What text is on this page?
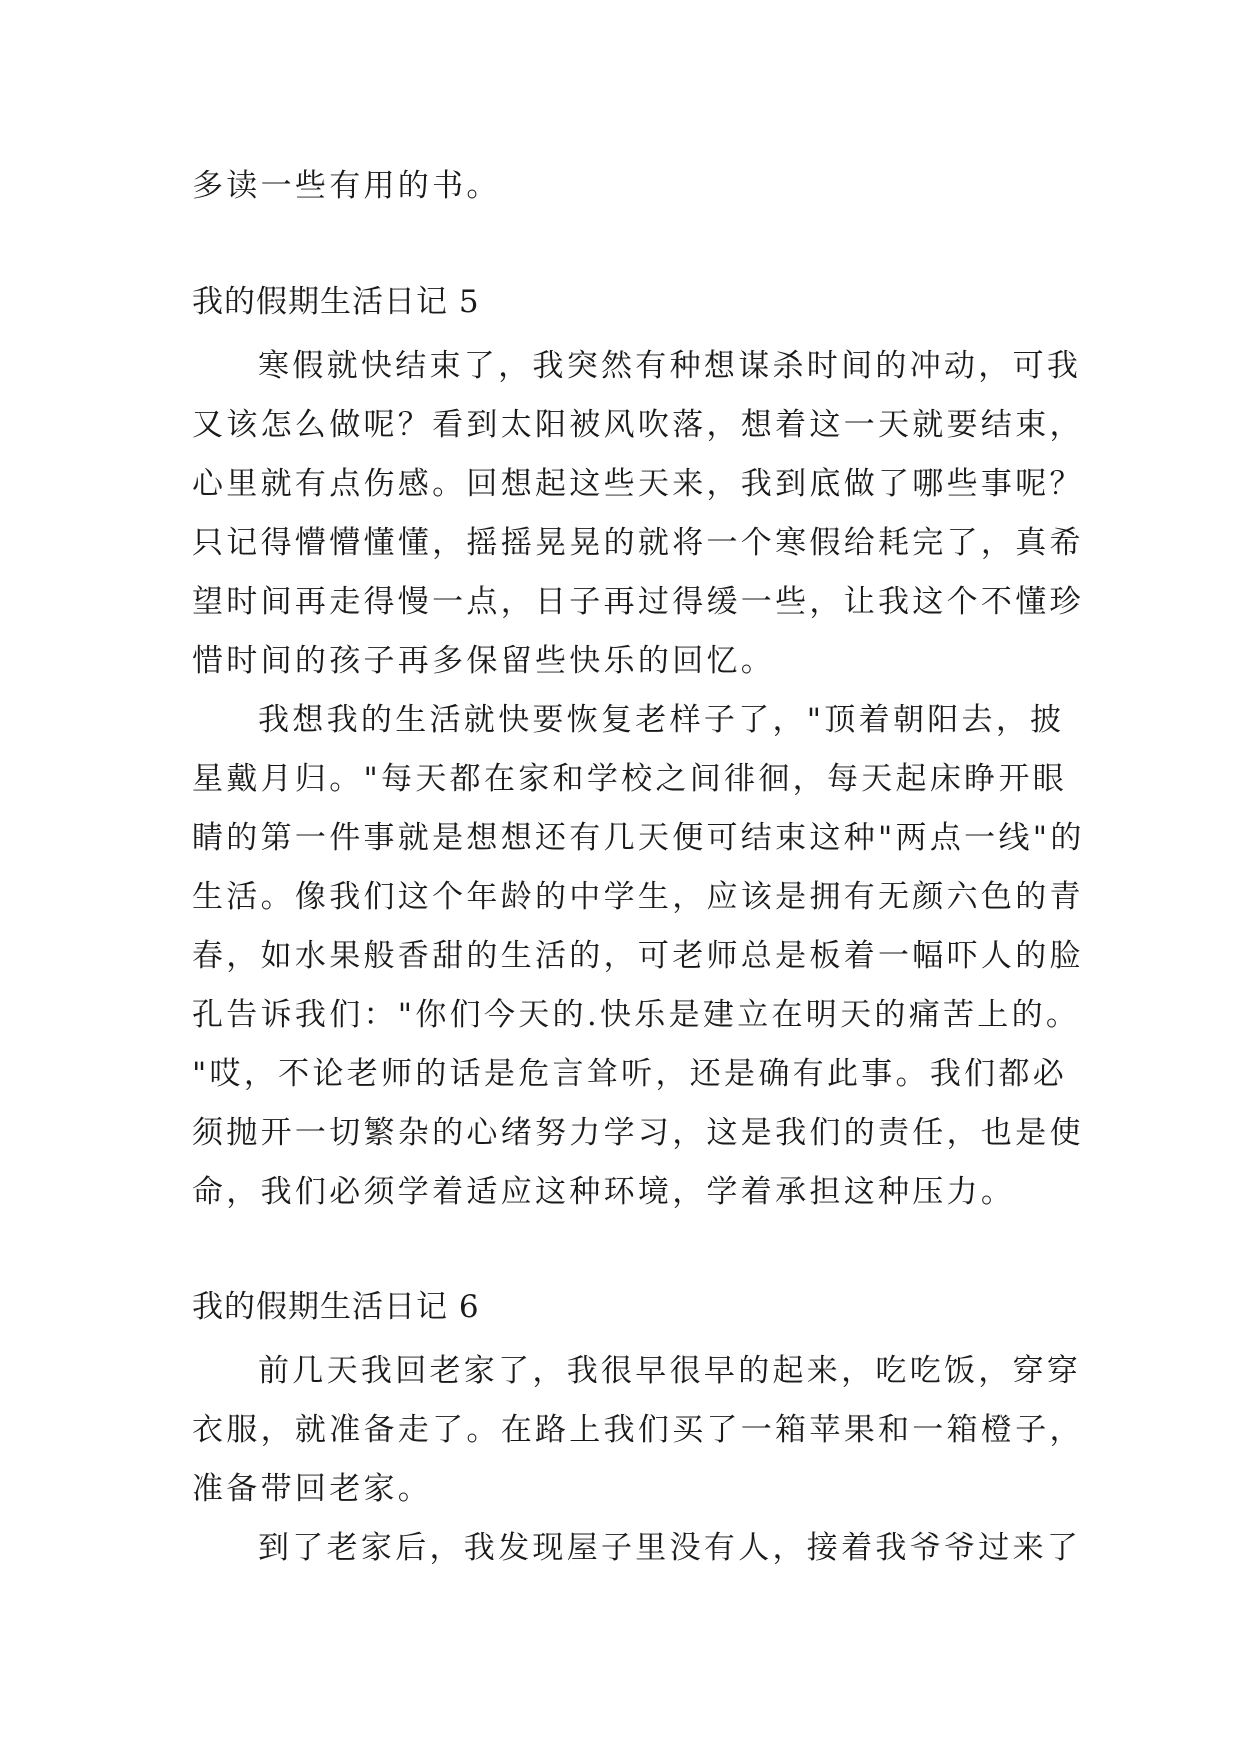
多读一些有用的书。
我的假期生活日记 5
寒假就快结束了，我突然有种想谋杀时间的冲动，可我
又该怎么做呢？看到太阳被风吹落，想着这一天就要结束，
心里就有点伤感。回想起这些天来，我到底做了哪些事呢？
只记得懵懵懂懂，摇摇晃晃的就将一个寒假给耗完了，真希
望时间再走得慢一点，日子再过得缓一些，让我这个不懂珍
惜时间的孩子再多保留些快乐的回忆。
我想我的生活就快要恢复老样子了，"顶着朝阳去，披
星戴月归。"每天都在家和学校之间徘徊，每天起床睁开眼
睛的第一件事就是想想还有几天便可结束这种"两点一线"的
生活。像我们这个年龄的中学生，应该是拥有无颜六色的青
春，如水果般香甜的生活的，可老师总是板着一幅吓人的脸
孔告诉我们："你们今天的.快乐是建立在明天的痛苦上的。
"哎，不论老师的话是危言耸听，还是确有此事。我们都必
须抛开一切繁杂的心绪努力学习，这是我们的责任，也是使
命，我们必须学着适应这种环境，学着承担这种压力。
我的假期生活日记 6
前几天我回老家了，我很早很早的起来，吃吃饭，穿穿
衣服，就准备走了。在路上我们买了一箱苹果和一箱橙子，
准备带回老家。
到了老家后，我发现屋子里没有人，接着我爷爷过来了
